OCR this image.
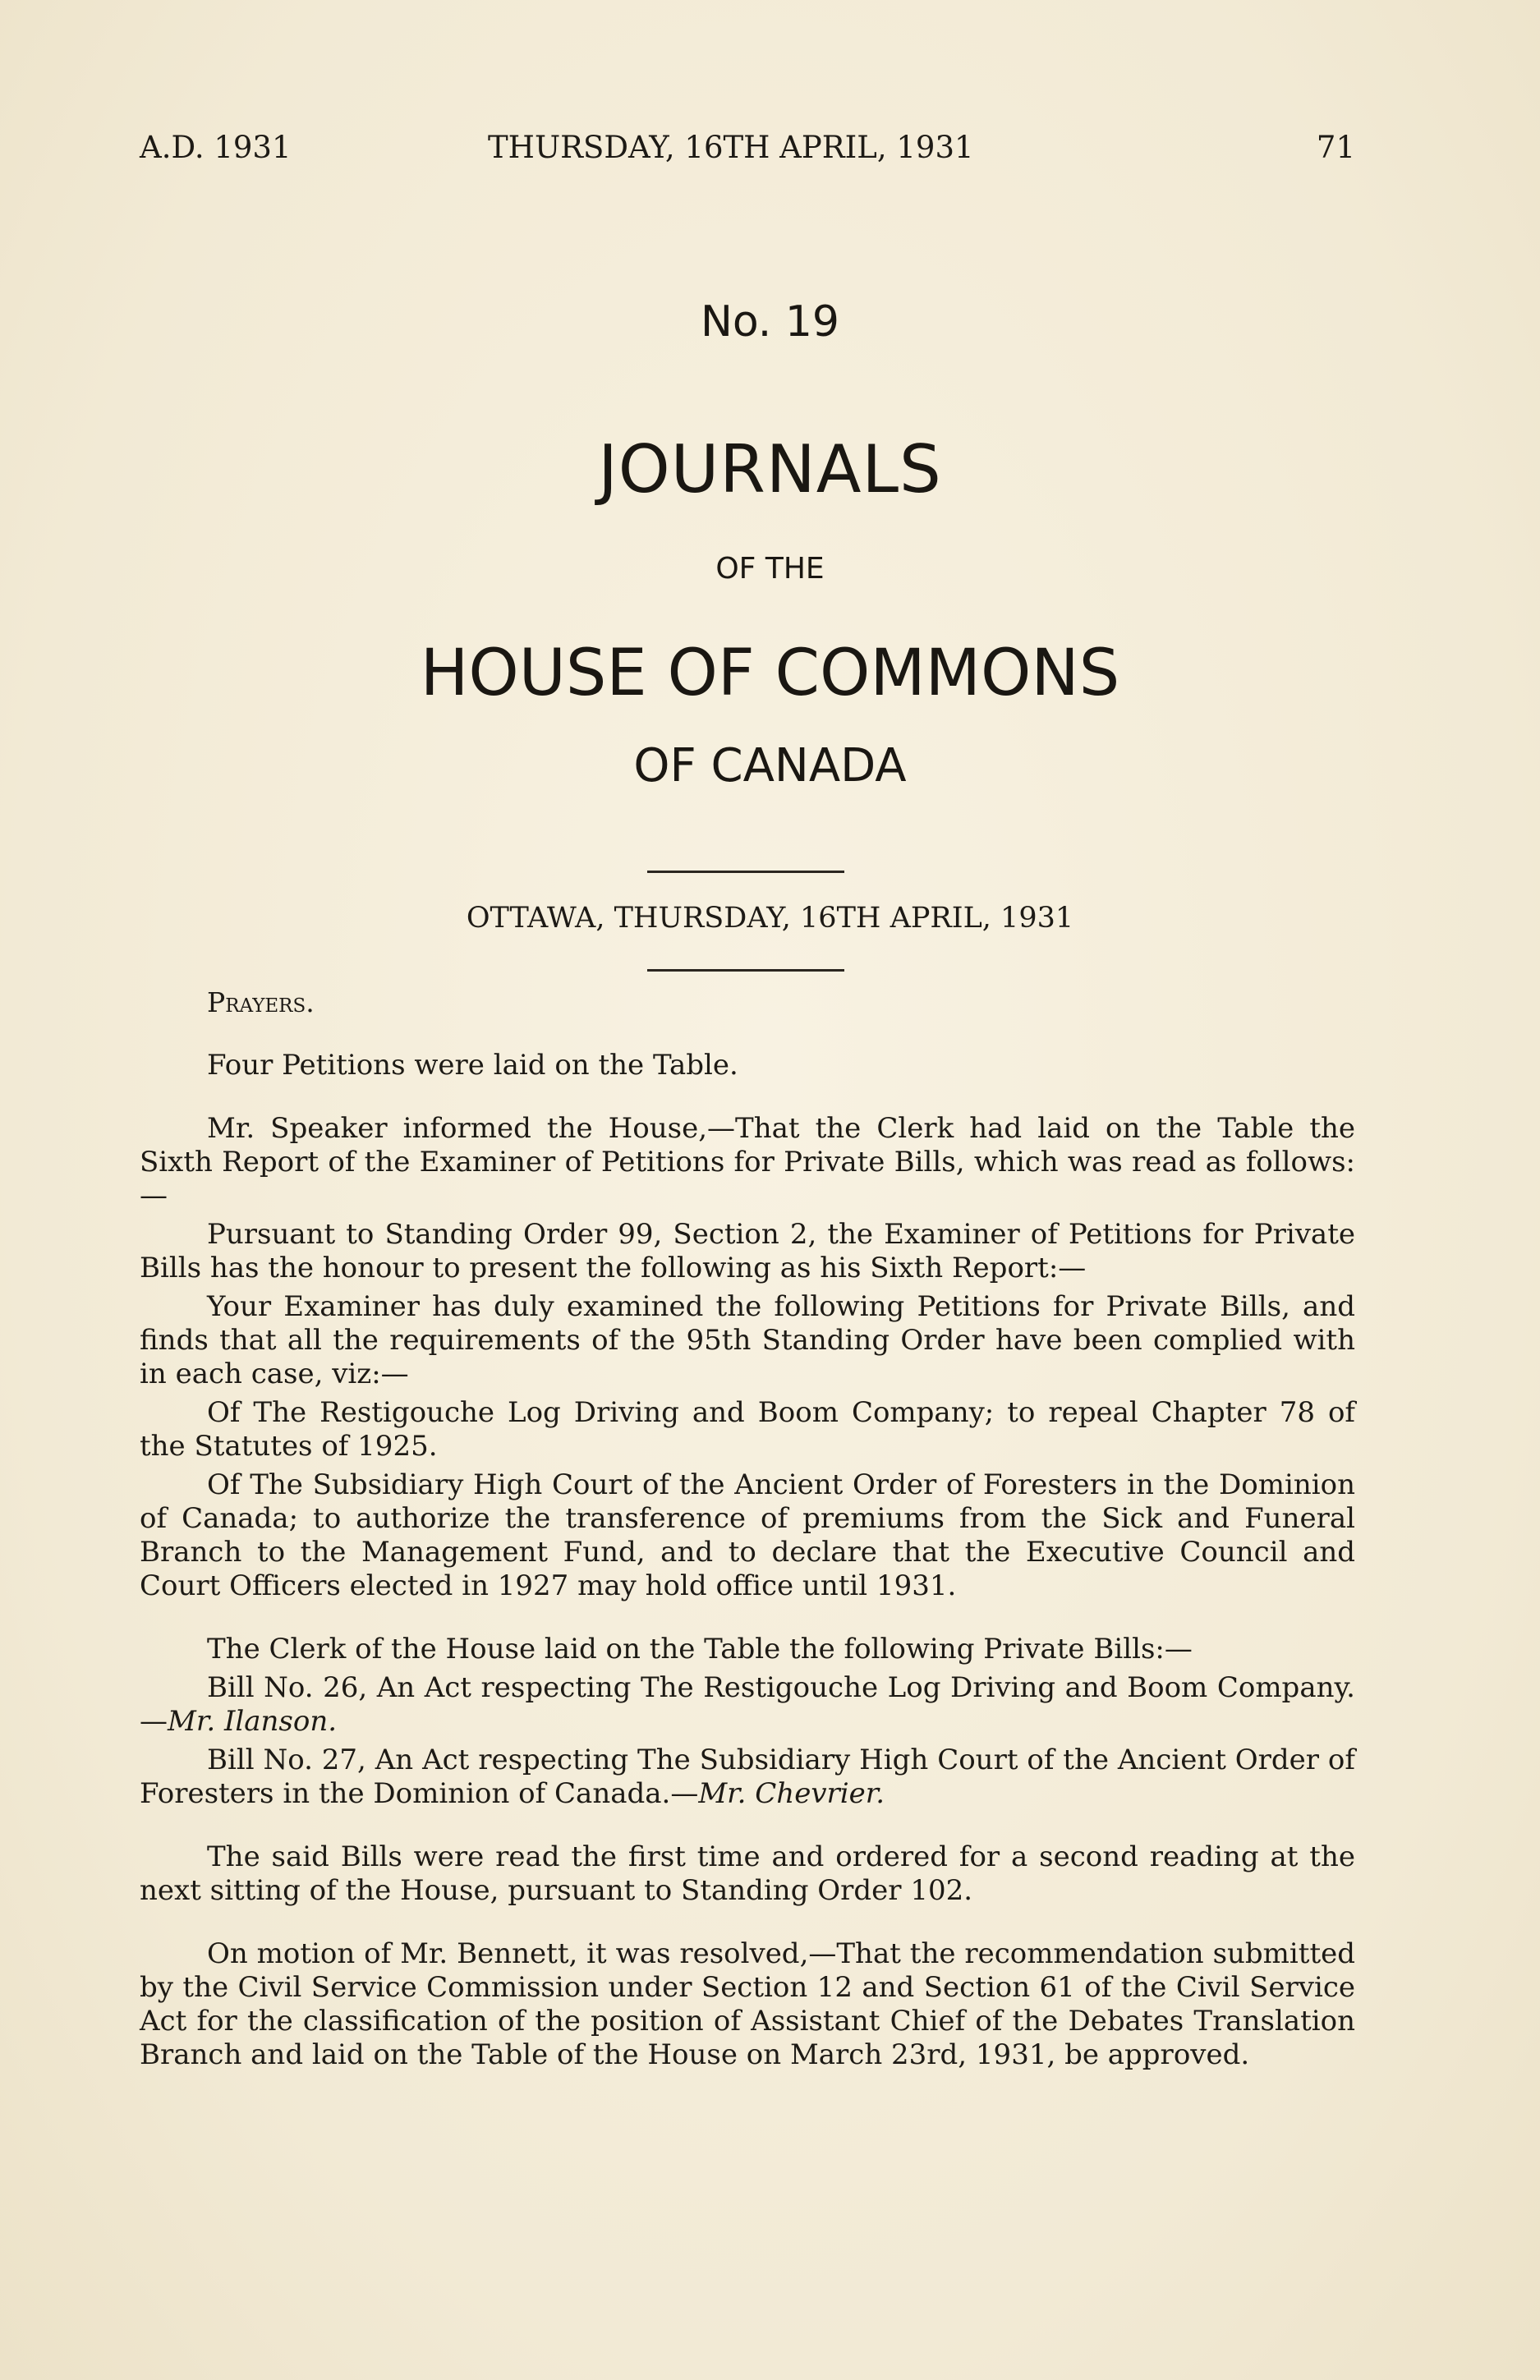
A.D. 1931	THURSDAY, 16TH APRIL, 1931	71
No. 19
JOURNALS
OF THE
HOUSE OF COMMONS
OF CANADA
OTTAWA, THURSDAY, 16TH APRIL, 1931

Prayers.

Four Petitions were laid on the Table.

Mr. Speaker informed the House,—That the Clerk had laid on the Table the Sixth Report of the Examiner of Petitions for Private Bills, which was read as follows:—

Pursuant to Standing Order 99, Section 2, the Examiner of Petitions for Private Bills has the honour to present the following as his Sixth Report:—

Your Examiner has duly examined the following Petitions for Private Bills, and finds that all the requirements of the 95th Standing Order have been complied with in each case, viz:—

Of The Restigouche Log Driving and Boom Company; to repeal Chapter 78 of the Statutes of 1925.

Of The Subsidiary High Court of the Ancient Order of Foresters in the Dominion of Canada; to authorize the transference of premiums from the Sick and Funeral Branch to the Management Fund, and to declare that the Executive Council and Court Officers elected in 1927 may hold office until 1931.

The Clerk of the House laid on the Table the following Private Bills:—

Bill No. 26, An Act respecting The Restigouche Log Driving and Boom Company.—Mr. Ilanson.

Bill No. 27, An Act respecting The Subsidiary High Court of the Ancient Order of Foresters in the Dominion of Canada.—Mr. Chevrier.

The said Bills were read the first time and ordered for a second reading at the next sitting of the House, pursuant to Standing Order 102.

On motion of Mr. Bennett, it was resolved,—That the recommendation submitted by the Civil Service Commission under Section 12 and Section 61 of the Civil Service Act for the classification of the position of Assistant Chief of the Debates Translation Branch and laid on the Table of the House on March 23rd, 1931, be approved.
